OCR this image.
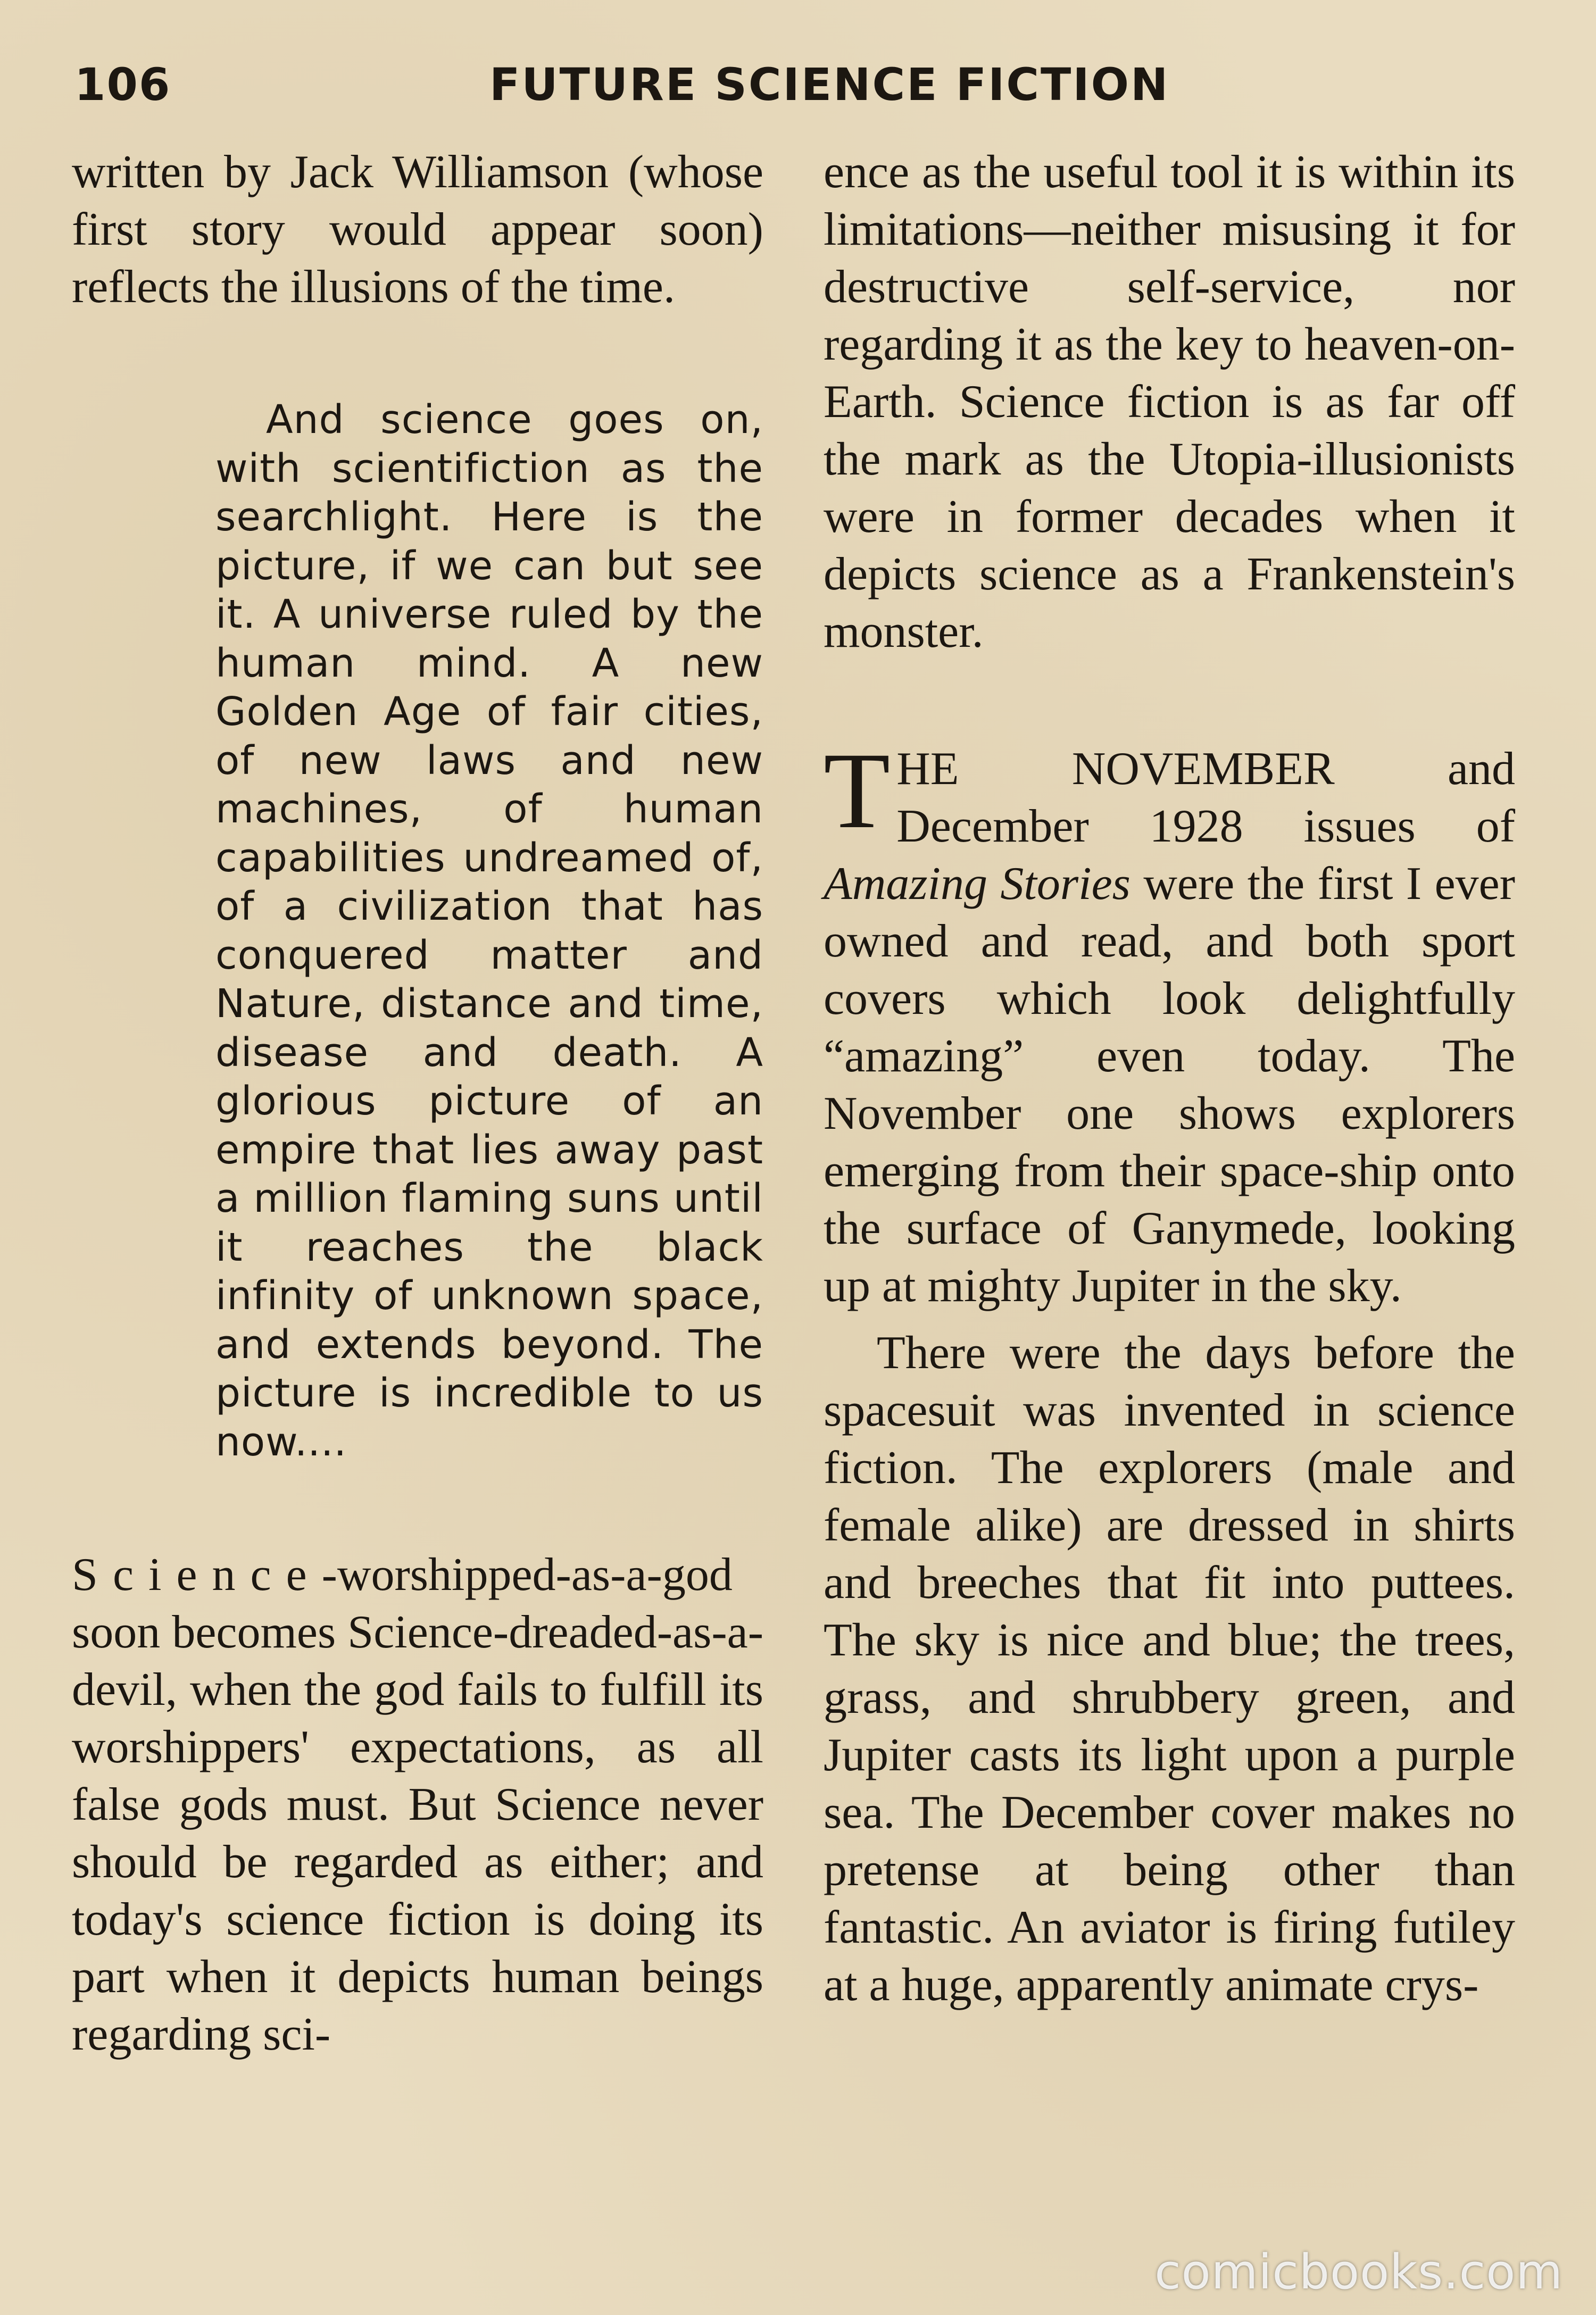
106	FUTURE SCIENCE FICTION

written by Jack Williamson (whose first story would appear soon) reflects the illusions of the time.

And science goes on, with scientifiction as the searchlight. Here is the picture, if we can but see it. A universe ruled by the human mind. A new Golden Age of fair cities, of new laws and new machines, of human capabilities undreamed of, of a civilization that has conquered matter and Nature, distance and time, disease and death. A glorious picture of an empire that lies away past a million flaming suns until it reaches the black infinity of unknown space, and extends beyond. The picture is incredible to us now....

Science-worshipped-as-a-god soon becomes Science-dreaded-as-a-devil, when the god fails to fulfill its worshippers' expectations, as all false gods must. But Science never should be regarded as either; and today's science fiction is doing its part when it depicts human beings regarding sci-

ence as the useful tool it is within its limitations—neither misusing it for destructive self-service, nor regarding it as the key to heaven-on-Earth. Science fiction is as far off the mark as the Utopia-illusionists were in former decades when it depicts science as a Frankenstein's monster.

THE NOVEMBER and December 1928 issues of Amazing Stories were the first I ever owned and read, and both sport covers which look delightfully “amazing” even today. The November one shows explorers emerging from their space-ship onto the surface of Ganymede, looking up at mighty Jupiter in the sky.

There were the days before the spacesuit was invented in science fiction. The explorers (male and female alike) are dressed in shirts and breeches that fit into puttees. The sky is nice and blue; the trees, grass, and shrubbery green, and Jupiter casts its light upon a purple sea. The December cover makes no pretense at being other than fantastic. An aviator is firing futiley at a huge, apparently animate crys-

comicbooks.com
